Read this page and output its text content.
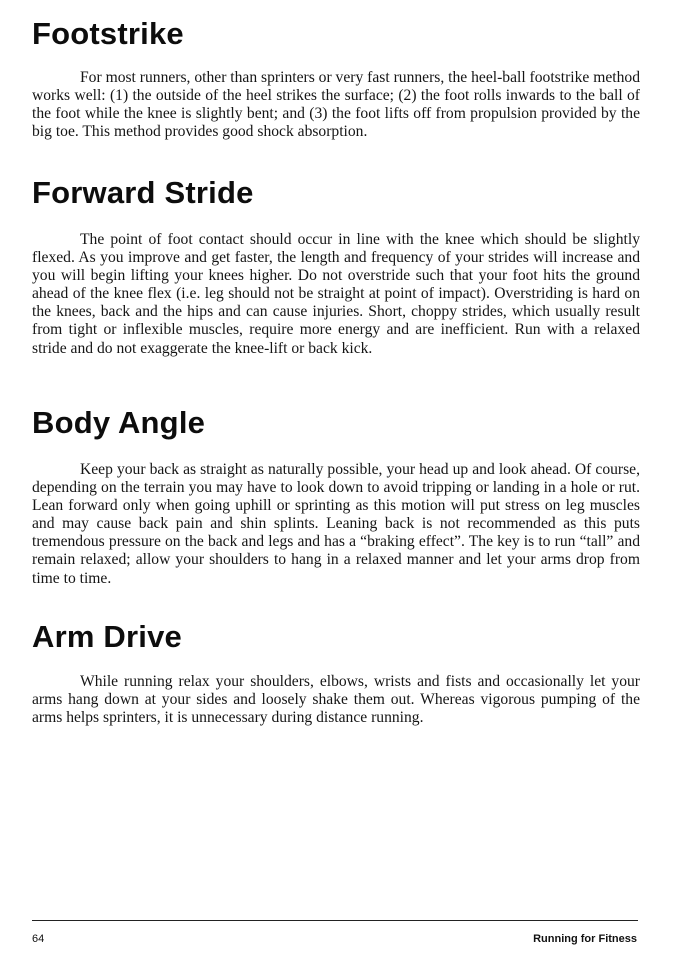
Footstrike

For most runners, other than sprinters or very fast runners, the heel-ball footstrike method works well: (1) the outside of the heel strikes the surface; (2) the foot rolls inwards to the ball of the foot while the knee is slightly bent; and (3) the foot lifts off from propulsion provided by the big toe. This method provides good shock absorption.

Forward Stride

The point of foot contact should occur in line with the knee which should be slightly flexed. As you improve and get faster, the length and frequency of your strides will increase and you will begin lifting your knees higher. Do not overstride such that your foot hits the ground ahead of the knee flex (i.e. leg should not be straight at point of impact). Overstriding is hard on the knees, back and the hips and can cause injuries. Short, choppy strides, which usually result from tight or inflexible muscles, require more energy and are inefficient. Run with a relaxed stride and do not exaggerate the knee-lift or back kick.

Body Angle

Keep your back as straight as naturally possible, your head up and look ahead. Of course, depending on the terrain you may have to look down to avoid tripping or landing in a hole or rut. Lean forward only when going uphill or sprinting as this motion will put stress on leg muscles and may cause back pain and shin splints. Leaning back is not recommended as this puts tremendous pressure on the back and legs and has a “braking effect”. The key is to run “tall” and remain relaxed; allow your shoulders to hang in a relaxed manner and let your arms drop from time to time.

Arm Drive

While running relax your shoulders, elbows, wrists and fists and occasionally let your arms hang down at your sides and loosely shake them out. Whereas vigorous pumping of the arms helps sprinters, it is unnecessary during distance running.

64	Running for Fitness
